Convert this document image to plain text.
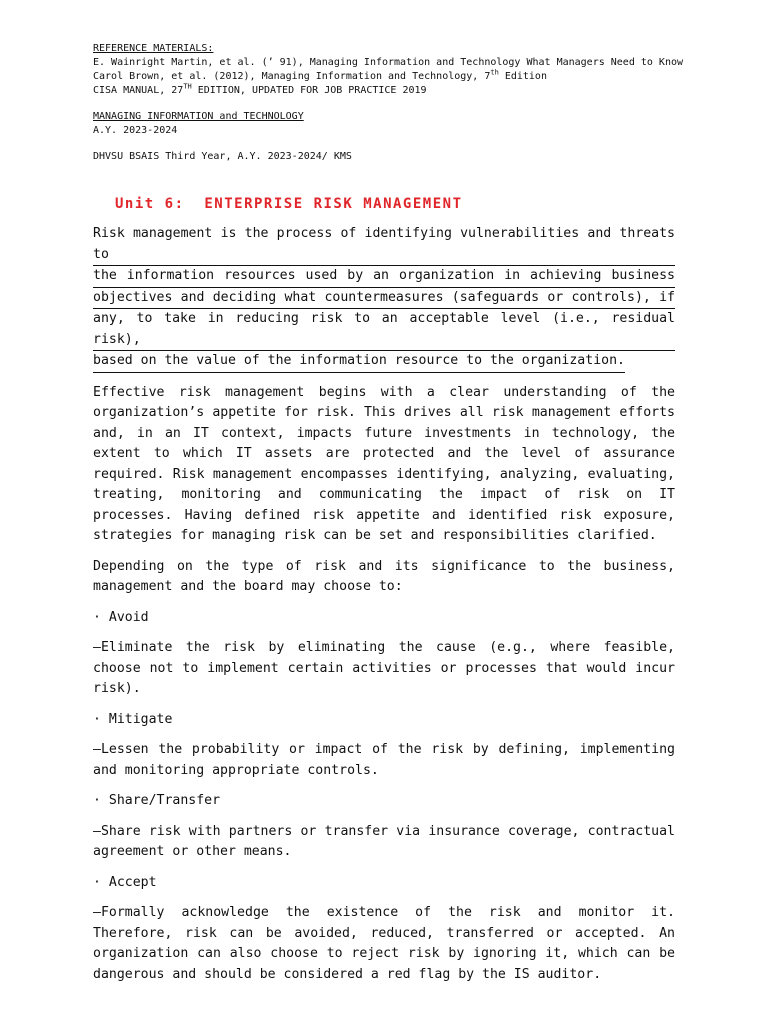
REFERENCE MATERIALS:
E. Wainright Martin, et al. (’ 91), Managing Information and Technology What Managers Need to Know
Carol Brown, et al. (2012), Managing Information and Technology, 7th Edition
CISA MANUAL, 27TH EDITION, UPDATED FOR JOB PRACTICE 2019
MANAGING INFORMATION and TECHNOLOGY
A.Y. 2023-2024
DHVSU BSAIS Third Year, A.Y. 2023-2024/ KMS
Unit 6:  ENTERPRISE RISK MANAGEMENT
Risk management is the process of identifying vulnerabilities and threats to
the information resources used by an organization in achieving business
objectives and deciding what countermeasures (safeguards or controls), if
any, to take in reducing risk to an acceptable level (i.e., residual risk),
based on the value of the information resource to the organization.

Effective risk management begins with a clear understanding of the organization’s appetite for risk. This drives all risk management efforts and, in an IT context, impacts future investments in technology, the extent to which IT assets are protected and the level of assurance required. Risk management encompasses identifying, analyzing, evaluating, treating, monitoring and communicating the impact of risk on IT processes. Having defined risk appetite and identified risk exposure, strategies for managing risk can be set and responsibilities clarified.

Depending on the type of risk and its significance to the business, management and the board may choose to:

· Avoid

—Eliminate the risk by eliminating the cause (e.g., where feasible, choose not to implement certain activities or processes that would incur risk).

· Mitigate

—Lessen the probability or impact of the risk by defining, implementing and monitoring appropriate controls.

· Share/Transfer

—Share risk with partners or transfer via insurance coverage, contractual agreement or other means.

· Accept

—Formally acknowledge the existence of the risk and monitor it. Therefore, risk can be avoided, reduced, transferred or accepted. An organization can also choose to reject risk by ignoring it, which can be dangerous and should be considered a red flag by the IS auditor.
